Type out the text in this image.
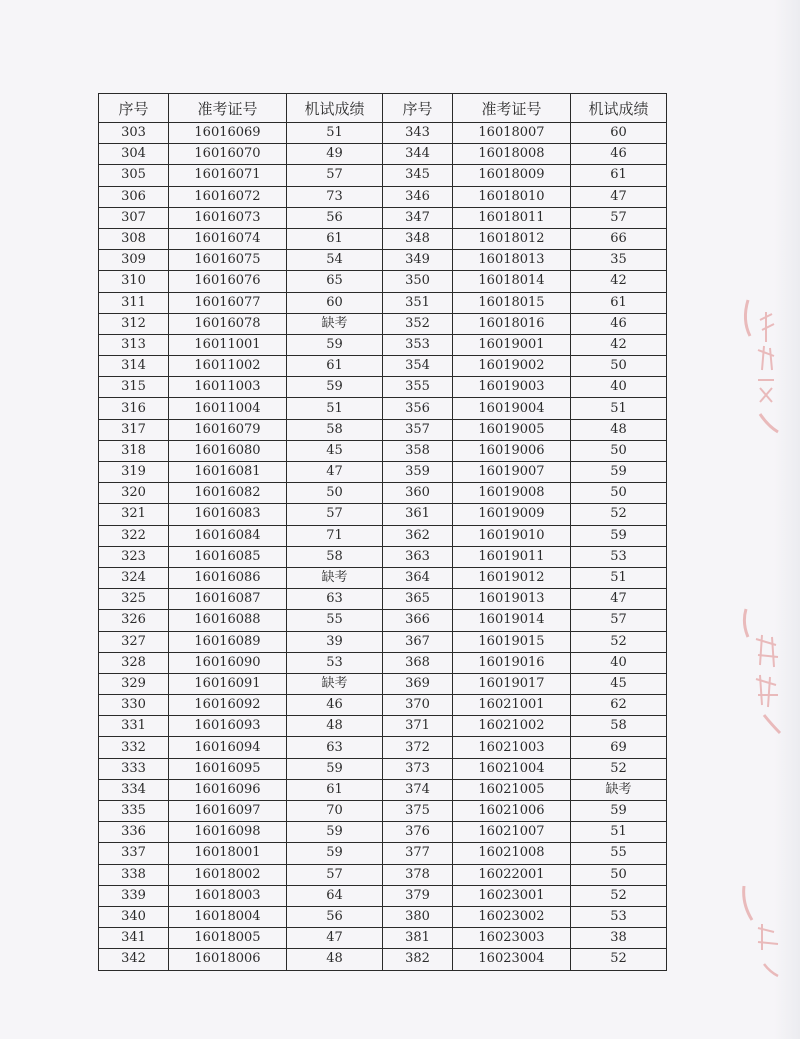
序号	准考证号	机试成绩	序号	准考证号	机试成绩
303	16016069	51	343	16018007	60
304	16016070	49	344	16018008	46
305	16016071	57	345	16018009	61
306	16016072	73	346	16018010	47
307	16016073	56	347	16018011	57
308	16016074	61	348	16018012	66
309	16016075	54	349	16018013	35
310	16016076	65	350	16018014	42
311	16016077	60	351	16018015	61
312	16016078	缺考	352	16018016	46
313	16011001	59	353	16019001	42
314	16011002	61	354	16019002	50
315	16011003	59	355	16019003	40
316	16011004	51	356	16019004	51
317	16016079	58	357	16019005	48
318	16016080	45	358	16019006	50
319	16016081	47	359	16019007	59
320	16016082	50	360	16019008	50
321	16016083	57	361	16019009	52
322	16016084	71	362	16019010	59
323	16016085	58	363	16019011	53
324	16016086	缺考	364	16019012	51
325	16016087	63	365	16019013	47
326	16016088	55	366	16019014	57
327	16016089	39	367	16019015	52
328	16016090	53	368	16019016	40
329	16016091	缺考	369	16019017	45
330	16016092	46	370	16021001	62
331	16016093	48	371	16021002	58
332	16016094	63	372	16021003	69
333	16016095	59	373	16021004	52
334	16016096	61	374	16021005	缺考
335	16016097	70	375	16021006	59
336	16016098	59	376	16021007	51
337	16018001	59	377	16021008	55
338	16018002	57	378	16022001	50
339	16018003	64	379	16023001	52
340	16018004	56	380	16023002	53
341	16018005	47	381	16023003	38
342	16018006	48	382	16023004	52
